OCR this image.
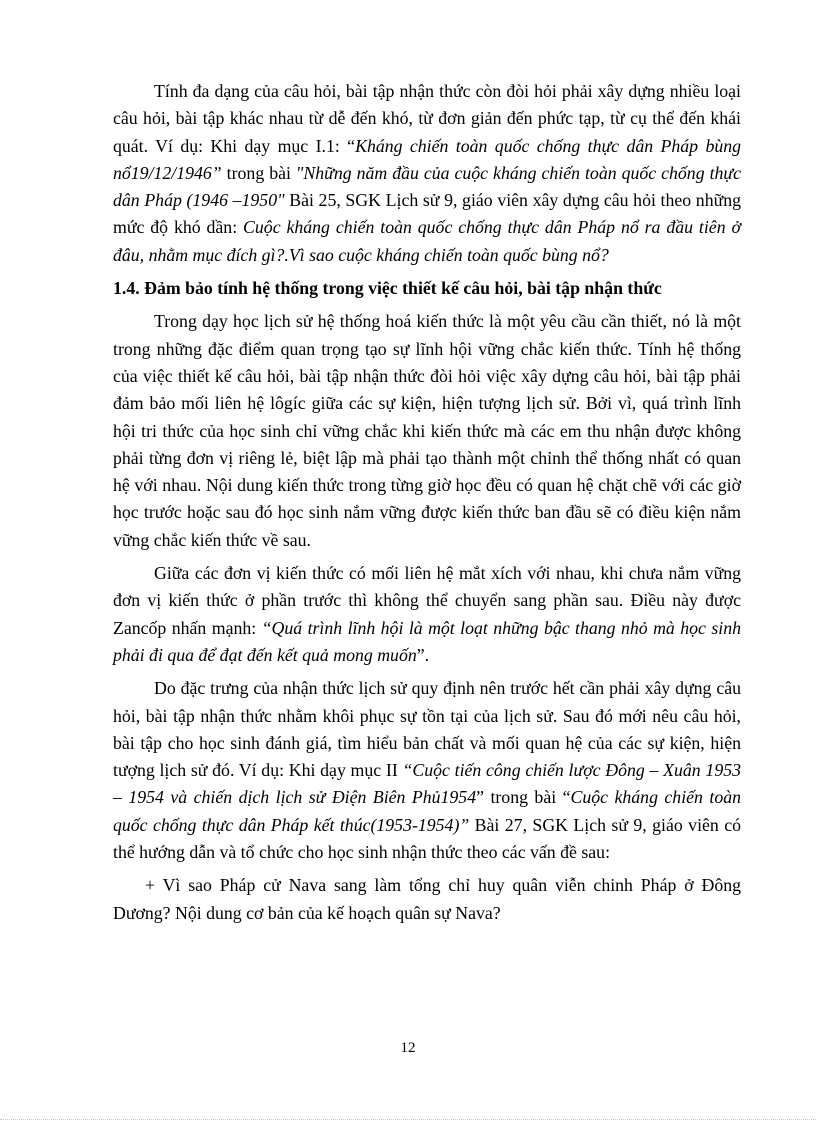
Tính đa dạng của câu hỏi, bài tập nhận thức còn đòi hỏi phải xây dựng nhiều loại câu hỏi, bài tập khác nhau từ dễ đến khó, từ đơn giản đến phức tạp, từ cụ thể đến khái quát. Ví dụ: Khi dạy mục I.1: “Kháng chiến toàn quốc chống thực dân Pháp bùng nổ19/12/1946” trong bài "Những năm đầu của cuộc kháng chiến toàn quốc chống thực dân Pháp (1946 –1950" Bài 25, SGK Lịch sử 9, giáo viên xây dựng câu hỏi theo những mức độ khó dần: Cuộc kháng chiến toàn quốc chống thực dân Pháp nổ ra đầu tiên ở đâu, nhằm mục đích gì?.Vì sao cuộc kháng chiến toàn quốc bùng nổ?

1.4. Đảm bảo tính hệ thống trong việc thiết kế câu hỏi, bài tập nhận thức

Trong dạy học lịch sử hệ thống hoá kiến thức là một yêu cầu cần thiết, nó là một trong những đặc điểm quan trọng tạo sự lĩnh hội vững chắc kiến thức. Tính hệ thống của việc thiết kế câu hỏi, bài tập nhận thức đòi hỏi việc xây dựng câu hỏi, bài tập phải đảm bảo mối liên hệ lôgíc giữa các sự kiện, hiện tượng lịch sử. Bởi vì, quá trình lĩnh hội tri thức của học sinh chỉ vững chắc khi kiến thức mà các em thu nhận được không phải từng đơn vị riêng lẻ, biệt lập mà phải tạo thành một chỉnh thể thống nhất có quan hệ với nhau. Nội dung kiến thức trong từng giờ học đều có quan hệ chặt chẽ với các giờ học trước hoặc sau đó học sinh nắm vững được kiến thức ban đầu sẽ có điều kiện nắm vững chắc kiến thức về sau.

Giữa các đơn vị kiến thức có mối liên hệ mắt xích với nhau, khi chưa nắm vững đơn vị kiến thức ở phần trước thì không thể chuyển sang phần sau. Điều này được Zancốp nhấn mạnh: “Quá trình lĩnh hội là một loạt những bậc thang nhỏ mà học sinh phải đi qua để đạt đến kết quả mong muốn”.

Do đặc trưng của nhận thức lịch sử quy định nên trước hết cần phải xây dựng câu hỏi, bài tập nhận thức nhằm khôi phục sự tồn tại của lịch sử. Sau đó mới nêu câu hỏi, bài tập cho học sinh đánh giá, tìm hiểu bản chất và mối quan hệ của các sự kiện, hiện tượng lịch sử đó. Ví dụ: Khi dạy mục II “Cuộc tiến công chiến lược Đông – Xuân 1953 – 1954 và chiến dịch lịch sử Điện Biên Phủ1954” trong bài “Cuộc kháng chiến toàn quốc chống thực dân Pháp kết thúc(1953-1954)” Bài 27, SGK Lịch sử 9, giáo viên có thể hướng dẫn và tổ chức cho học sinh nhận thức theo các vấn đề sau:

+ Vì sao Pháp cử Nava sang làm tổng chỉ huy quân viễn chinh Pháp ở Đông Dương? Nội dung cơ bản của kế hoạch quân sự Nava?

12
